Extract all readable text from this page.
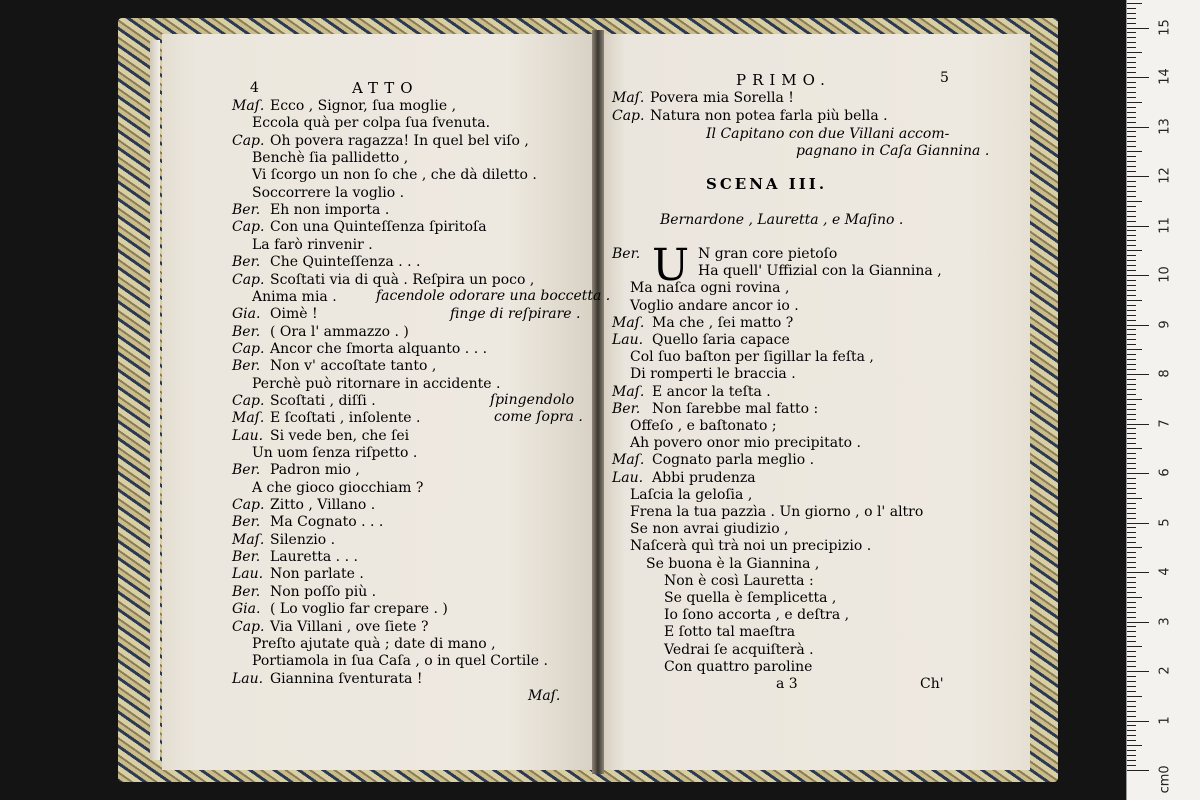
4	ATTO
Maſ. Ecco , Signor, ſua moglie ,
Eccola quà per colpa ſua ſvenuta.
Cap. Oh povera ragazza! In quel bel viſo ,
Benchè ſia pallidetto ,
Vi ſcorgo un non ſo che , che dà diletto .
Soccorrere la voglio .
Ber. Eh non importa .
Cap. Con una Quinteſſenza ſpiritoſa
La farò rinvenir .
Ber. Che Quinteſſenza . . .
Cap. Scoſtati via di quà . Reſpira un poco ,
Anima mia .
Gia. Oimè !
Ber. ( Ora l' ammazzo . )
Cap. Ancor che ſmorta alquanto . . .
Ber. Non v' accoſtate tanto ,
Perchè può ritornare in accidente .
Cap. Scoſtati , diſſi .
Maſ. E ſcoſtati , inſolente .
Lau. Si vede ben, che ſei
Un uom ſenza riſpetto .
Ber. Padron mio ,
A che gioco giocchiam ?
Cap. Zitto , Villano .
Ber. Ma Cognato . . .
Maſ. Silenzio .
Ber. Lauretta . . .
Lau. Non parlate .
Ber. Non poſſo più .
Gia. ( Lo voglio far crepare . )
Cap. Via Villani , ove ſiete ?
Preſto ajutate quà ; date di mano ,
Portiamola in ſua Caſa , o in quel Cortile .
Lau. Giannina ſventurata !
facendole odorare una boccetta .
finge di reſpirare .
ſpingendolo
come ſopra .
Maſ.
PRIMO.	5
Maſ. Povera mia Sorella !
Cap. Natura non potea farla più bella .
Il Capitano con due Villani accom-
pagnano in Caſa Giannina .
SCENA III.
Bernardone , Lauretta , e Maſino .
U
Ber.	N gran core pietoſo
Ha quell' Uffizial con la Giannina ,
Ma naſca ogni rovina ,
Voglio andare ancor io .
Maſ. Ma che , ſei matto ?
Lau. Quello ſaria capace
Col ſuo baſton per ſigillar la feſta ,
Di romperti le braccia .
Maſ. E ancor la teſta .
Ber. Non ſarebbe mal fatto :
Offeſo , e baſtonato ;
Ah povero onor mio precipitato .
Maſ. Cognato parla meglio .
Lau. Abbi prudenza
Laſcia la geloſia ,
Frena la tua pazzìa . Un giorno , o l' altro
Se non avrai giudizio ,
Naſcerà quì trà noi un precipizio .
Se buona è la Giannina ,
Non è così Lauretta :
Se quella è ſemplicetta ,
Io ſono accorta , e deſtra ,
E ſotto tal maeſtra
Vedrai ſe acquiſterà .
Con quattro paroline
a 3	Ch'
15
14
13
12
11
10
9
8
7
6
5
4
3
2
1
0
cm
